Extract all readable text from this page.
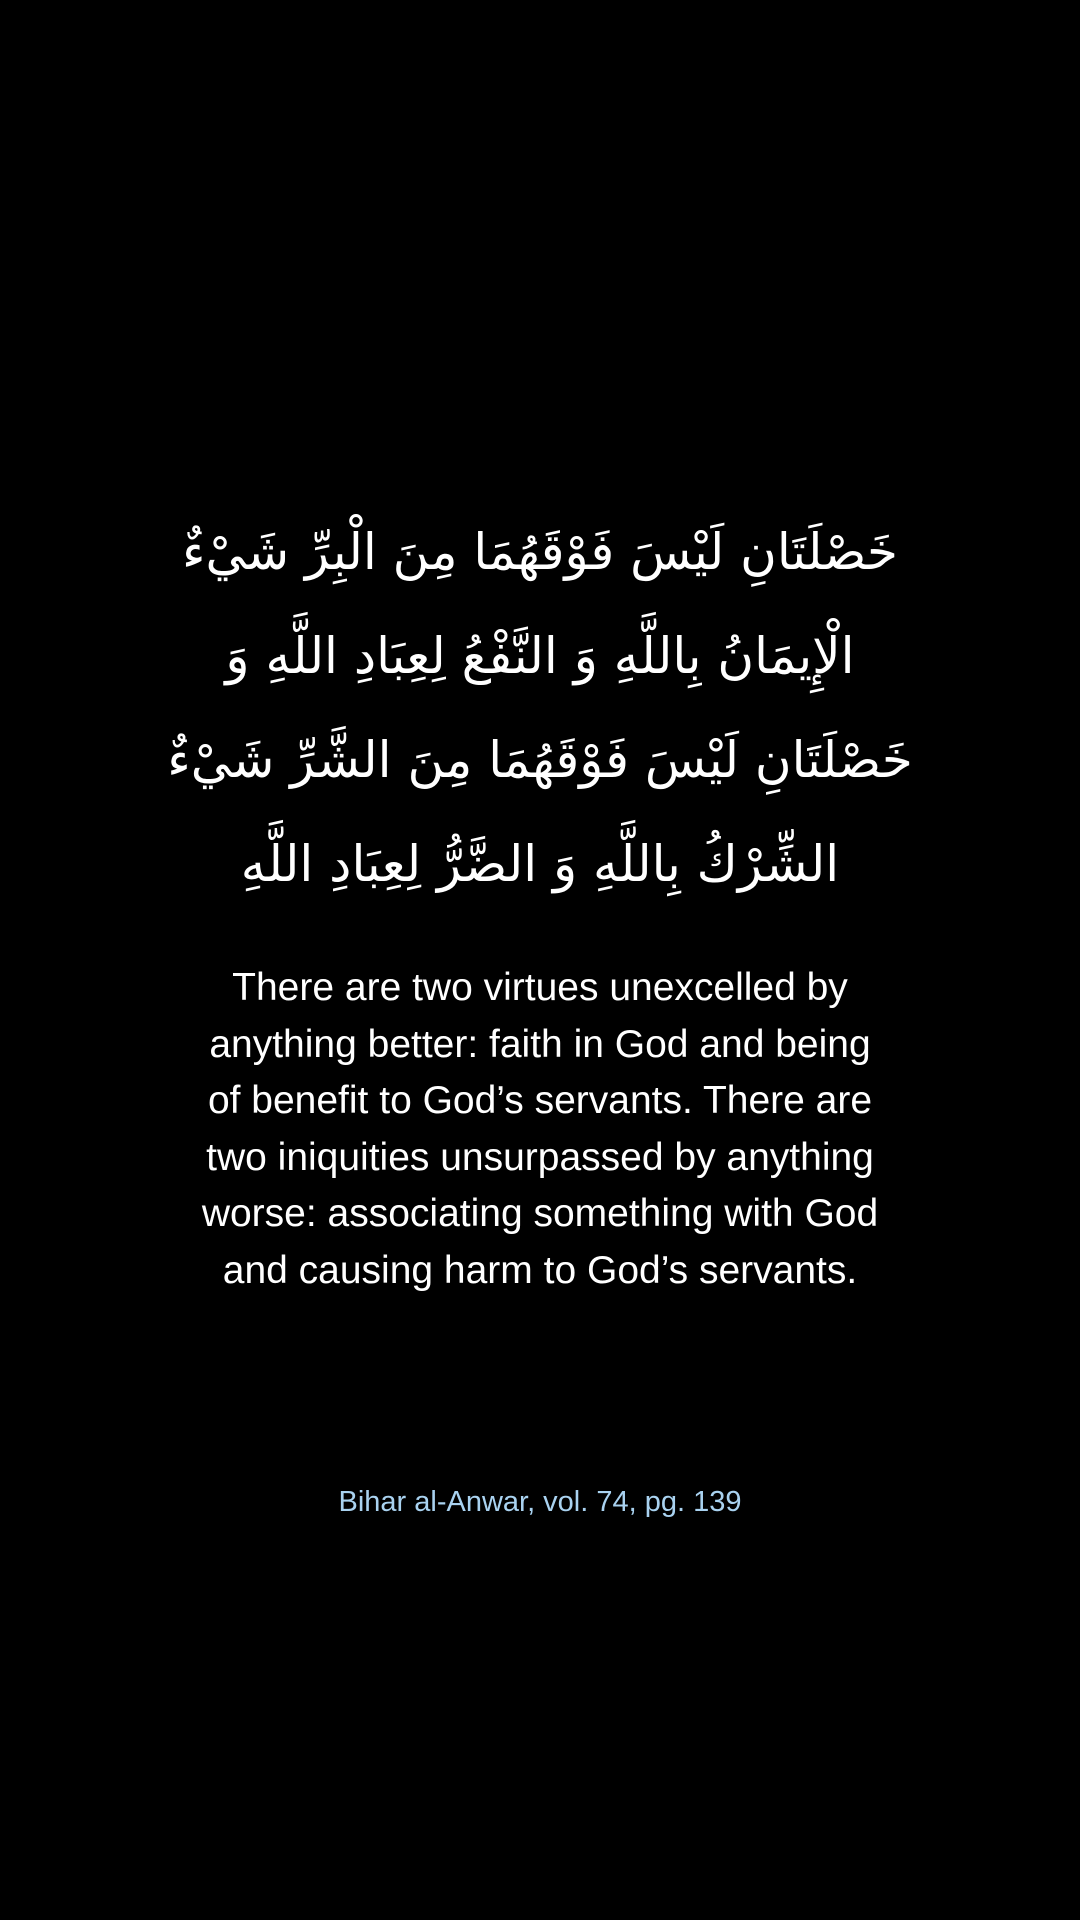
خَصْلَتَانِ لَيْسَ فَوْقَهُمَا مِنَ الْبِرِّ شَيْءٌ
الْإِيمَانُ بِاللَّهِ وَ النَّفْعُ لِعِبَادِ اللَّهِ وَ
خَصْلَتَانِ لَيْسَ فَوْقَهُمَا مِنَ الشَّرِّ شَيْءٌ
الشِّرْكُ بِاللَّهِ وَ الضَّرُّ لِعِبَادِ اللَّهِ

There are two virtues unexcelled by anything better: faith in God and being of benefit to God’s servants. There are two iniquities unsurpassed by anything worse: associating something with God and causing harm to God’s servants.

Bihar al-Anwar, vol. 74, pg. 139
